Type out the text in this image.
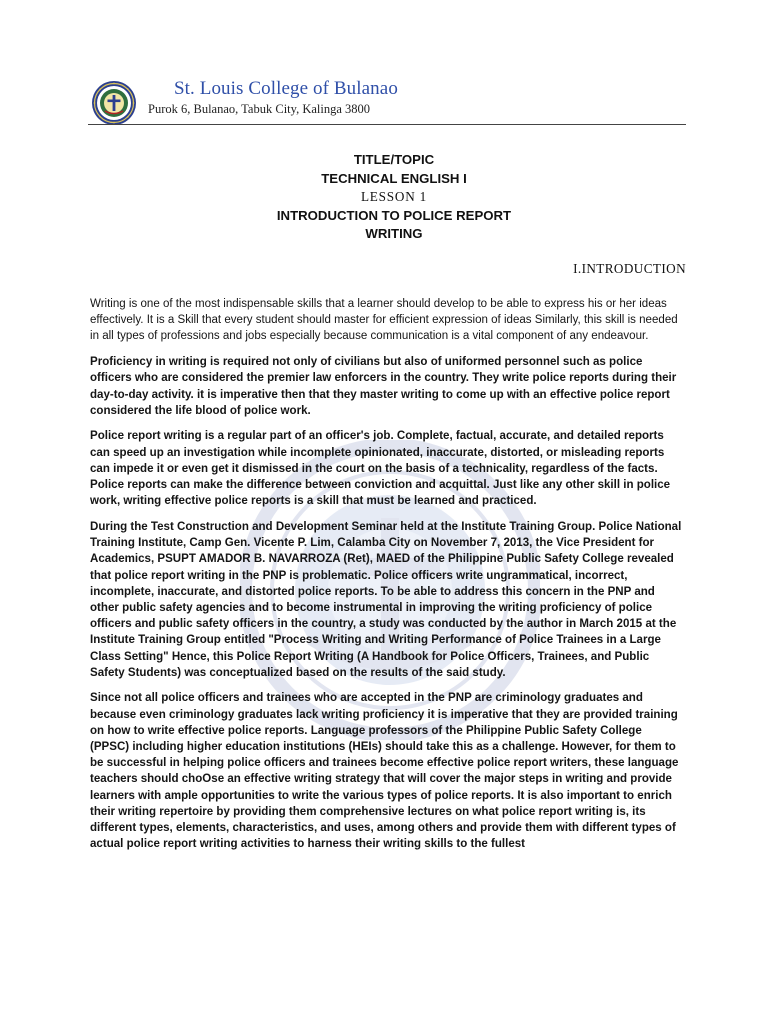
St. Louis College of Bulanao
Purok 6, Bulanao, Tabuk City, Kalinga 3800
TITLE/TOPIC
TECHNICAL ENGLISH I
LESSON 1
INTRODUCTION TO POLICE REPORT
WRITING
I.INTRODUCTION

Writing is one of the most indispensable skills that a learner should develop to be able to express his or her ideas effectively. It is a Skill that every student should master for efficient expression of ideas Similarly, this skill is needed in all types of professions and jobs especially because communication is a vital component of any endeavour.

Proficiency in writing is required not only of civilians but also of uniformed personnel such as police officers who are considered the premier law enforcers in the country. They write police reports during their day-to-day activity. it is imperative then that they master writing to come up with an effective police report considered the life blood of police work.

Police report writing is a regular part of an officer's job. Complete, factual, accurate, and detailed reports can speed up an investigation while incomplete opinionated, inaccurate, distorted, or misleading reports can impede it or even get it dismissed in the court on the basis of a technicality, regardless of the facts. Police reports can make the difference between conviction and acquittal. Just like any other skill in police work, writing effective police reports is a skill that must be learned and practiced.

During the Test Construction and Development Seminar held at the Institute Training Group. Police National Training Institute, Camp Gen. Vicente P. Lim, Calamba City on November 7, 2013, the Vice President for Academics, PSUPT AMADOR B. NAVARROZA (Ret), MAED of the Philippine Public Safety College revealed that police report writing in the PNP is problematic. Police officers write ungrammatical, incorrect, incomplete, inaccurate, and distorted police reports. To be able to address this concern in the PNP and other public safety agencies and to become instrumental in improving the writing proficiency of police officers and public safety officers in the country, a study was conducted by the author in March 2015 at the Institute Training Group entitled "Process Writing and Writing Performance of Police Trainees in a Large Class Setting" Hence, this Police Report Writing (A Handbook for Police Officers, Trainees, and Public Safety Students) was conceptualized based on the results of the said study.

Since not all police officers and trainees who are accepted in the PNP are criminology graduates and because even criminology graduates lack writing proficiency it is imperative that they are provided training on how to write effective police reports. Language professors of the Philippine Public Safety College (PPSC) including higher education institutions (HEIs) should take this as a challenge. However, for them to be successful in helping police officers and trainees become effective police report writers, these language teachers should choOse an effective writing strategy that will cover the major steps in writing and provide learners with ample opportunities to write the various types of police reports. It is also important to enrich their writing repertoire by providing them comprehensive lectures on what police report writing is, its different types, elements, characteristics, and uses, among others and provide them with different types of actual police report writing activities to harness their writing skills to the fullest
